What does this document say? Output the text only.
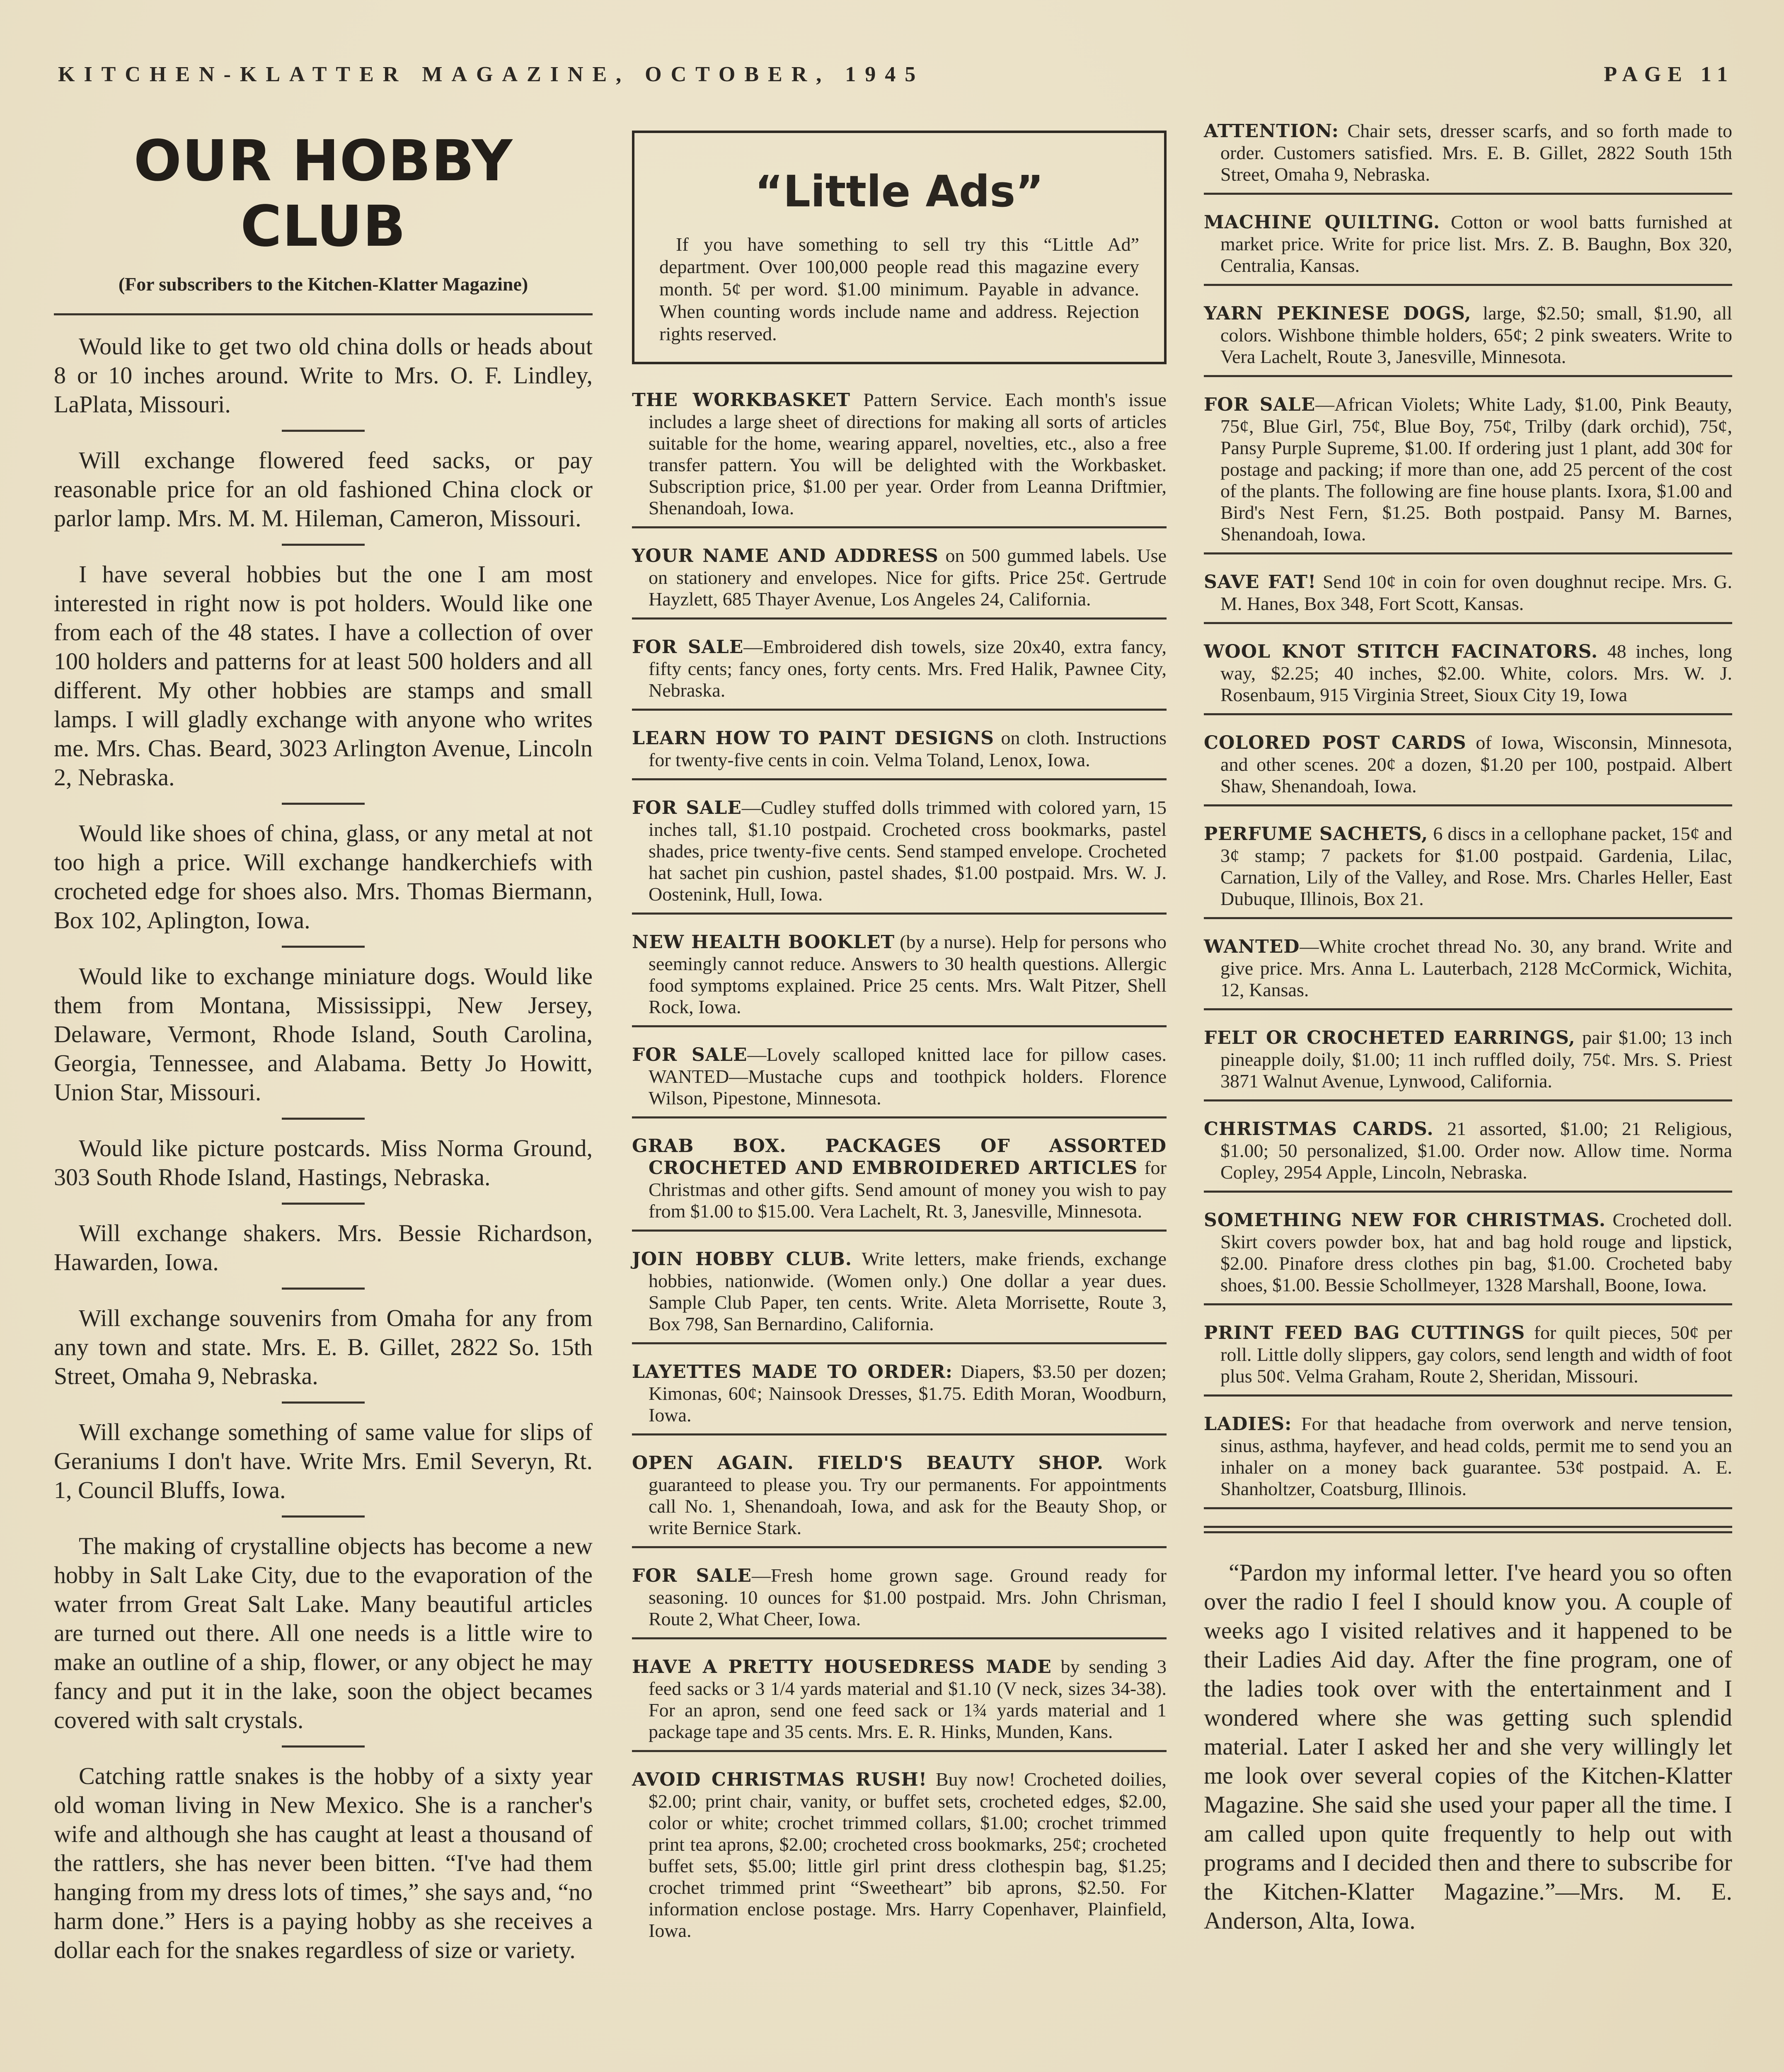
KITCHEN-KLATTER MAGAZINE, OCTOBER, 1945	PAGE 11
OUR HOBBY CLUB
(For subscribers to the Kitchen-Klatter Magazine)

Would like to get two old china dolls or heads about 8 or 10 inches around. Write to Mrs. O. F. Lindley, LaPlata, Missouri.

Will exchange flowered feed sacks, or pay reasonable price for an old fashioned China clock or parlor lamp. Mrs. M. M. Hileman, Cameron, Missouri.

I have several hobbies but the one I am most interested in right now is pot holders. Would like one from each of the 48 states. I have a collection of over 100 holders and patterns for at least 500 holders and all different. My other hobbies are stamps and small lamps. I will gladly exchange with anyone who writes me. Mrs. Chas. Beard, 3023 Arlington Avenue, Lincoln 2, Nebraska.

Would like shoes of china, glass, or any metal at not too high a price. Will exchange handkerchiefs with crocheted edge for shoes also. Mrs. Thomas Biermann, Box 102, Aplington, Iowa.

Would like to exchange miniature dogs. Would like them from Montana, Mississippi, New Jersey, Delaware, Vermont, Rhode Island, South Carolina, Georgia, Tennessee, and Alabama. Betty Jo Howitt, Union Star, Missouri.

Would like picture postcards. Miss Norma Ground, 303 South Rhode Island, Hastings, Nebraska.

Will exchange shakers. Mrs. Bessie Richardson, Hawarden, Iowa.

Will exchange souvenirs from Omaha for any from any town and state. Mrs. E. B. Gillet, 2822 So. 15th Street, Omaha 9, Nebraska.

Will exchange something of same value for slips of Geraniums I don't have. Write Mrs. Emil Severyn, Rt. 1, Council Bluffs, Iowa.

The making of crystalline objects has become a new hobby in Salt Lake City, due to the evaporation of the water frrom Great Salt Lake. Many beautiful articles are turned out there. All one needs is a little wire to make an outline of a ship, flower, or any object he may fancy and put it in the lake, soon the object becames covered with salt crystals.

Catching rattle snakes is the hobby of a sixty year old woman living in New Mexico. She is a rancher's wife and although she has caught at least a thousand of the rattlers, she has never been bitten. “I've had them hanging from my dress lots of times,” she says and, “no harm done.” Hers is a paying hobby as she receives a dollar each for the snakes regardless of size or variety.

“Little Ads”
If you have something to sell try this “Little Ad” department. Over 100,000 people read this magazine every month. 5¢ per word. $1.00 minimum. Payable in advance. When counting words include name and address. Rejection rights reserved.
THE WORKBASKET Pattern Service. Each month's issue includes a large sheet of directions for making all sorts of articles suitable for the home, wearing apparel, novelties, etc., also a free transfer pattern. You will be delighted with the Workbasket. Subscription price, $1.00 per year. Order from Leanna Driftmier, Shenandoah, Iowa.
YOUR NAME AND ADDRESS on 500 gummed labels. Use on stationery and envelopes. Nice for gifts. Price 25¢. Gertrude Hayzlett, 685 Thayer Avenue, Los Angeles 24, California.
FOR SALE—Embroidered dish towels, size 20x40, extra fancy, fifty cents; fancy ones, forty cents. Mrs. Fred Halik, Pawnee City, Nebraska.
LEARN HOW TO PAINT DESIGNS on cloth. Instructions for twenty-five cents in coin. Velma Toland, Lenox, Iowa.
FOR SALE—Cudley stuffed dolls trimmed with colored yarn, 15 inches tall, $1.10 postpaid. Crocheted cross bookmarks, pastel shades, price twenty-five cents. Send stamped envelope. Crocheted hat sachet pin cushion, pastel shades, $1.00 postpaid. Mrs. W. J. Oostenink, Hull, Iowa.
NEW HEALTH BOOKLET (by a nurse). Help for persons who seemingly cannot reduce. Answers to 30 health questions. Allergic food symptoms explained. Price 25 cents. Mrs. Walt Pitzer, Shell Rock, Iowa.
FOR SALE—Lovely scalloped knitted lace for pillow cases. WANTED—Mustache cups and toothpick holders. Florence Wilson, Pipestone, Minnesota.
GRAB BOX. PACKAGES OF ASSORTED CROCHETED AND EMBROIDERED ARTICLES for Christmas and other gifts. Send amount of money you wish to pay from $1.00 to $15.00. Vera Lachelt, Rt. 3, Janesville, Minnesota.
JOIN HOBBY CLUB. Write letters, make friends, exchange hobbies, nationwide. (Women only.) One dollar a year dues. Sample Club Paper, ten cents. Write. Aleta Morrisette, Route 3, Box 798, San Bernardino, California.
LAYETTES MADE TO ORDER: Diapers, $3.50 per dozen; Kimonas, 60¢; Nainsook Dresses, $1.75. Edith Moran, Woodburn, Iowa.
OPEN AGAIN. FIELD'S BEAUTY SHOP. Work guaranteed to please you. Try our permanents. For appointments call No. 1, Shenandoah, Iowa, and ask for the Beauty Shop, or write Bernice Stark.
FOR SALE—Fresh home grown sage. Ground ready for seasoning. 10 ounces for $1.00 postpaid. Mrs. John Chrisman, Route 2, What Cheer, Iowa.
HAVE A PRETTY HOUSEDRESS MADE by sending 3 feed sacks or 3 1/4 yards material and $1.10 (V neck, sizes 34-38). For an apron, send one feed sack or 1¾ yards material and 1 package tape and 35 cents. Mrs. E. R. Hinks, Munden, Kans.
AVOID CHRISTMAS RUSH! Buy now! Crocheted doilies, $2.00; print chair, vanity, or buffet sets, crocheted edges, $2.00, color or white; crochet trimmed collars, $1.00; crochet trimmed print tea aprons, $2.00; crocheted cross bookmarks, 25¢; crocheted buffet sets, $5.00; little girl print dress clothespin bag, $1.25; crochet trimmed print “Sweetheart” bib aprons, $2.50. For information enclose postage. Mrs. Harry Copenhaver, Plainfield, Iowa.
ATTENTION: Chair sets, dresser scarfs, and so forth made to order. Customers satisfied. Mrs. E. B. Gillet, 2822 South 15th Street, Omaha 9, Nebraska.
MACHINE QUILTING. Cotton or wool batts furnished at market price. Write for price list. Mrs. Z. B. Baughn, Box 320, Centralia, Kansas.
YARN PEKINESE DOGS, large, $2.50; small, $1.90, all colors. Wishbone thimble holders, 65¢; 2 pink sweaters. Write to Vera Lachelt, Route 3, Janesville, Minnesota.
FOR SALE—African Violets; White Lady, $1.00, Pink Beauty, 75¢, Blue Girl, 75¢, Blue Boy, 75¢, Trilby (dark orchid), 75¢, Pansy Purple Supreme, $1.00. If ordering just 1 plant, add 30¢ for postage and packing; if more than one, add 25 percent of the cost of the plants. The following are fine house plants. Ixora, $1.00 and Bird's Nest Fern, $1.25. Both postpaid. Pansy M. Barnes, Shenandoah, Iowa.
SAVE FAT! Send 10¢ in coin for oven doughnut recipe. Mrs. G. M. Hanes, Box 348, Fort Scott, Kansas.
WOOL KNOT STITCH FACINATORS. 48 inches, long way, $2.25; 40 inches, $2.00. White, colors. Mrs. W. J. Rosenbaum, 915 Virginia Street, Sioux City 19, Iowa
COLORED POST CARDS of Iowa, Wisconsin, Minnesota, and other scenes. 20¢ a dozen, $1.20 per 100, postpaid. Albert Shaw, Shenandoah, Iowa.
PERFUME SACHETS, 6 discs in a cellophane packet, 15¢ and 3¢ stamp; 7 packets for $1.00 postpaid. Gardenia, Lilac, Carnation, Lily of the Valley, and Rose. Mrs. Charles Heller, East Dubuque, Illinois, Box 21.
WANTED—White crochet thread No. 30, any brand. Write and give price. Mrs. Anna L. Lauterbach, 2128 McCormick, Wichita, 12, Kansas.
FELT OR CROCHETED EARRINGS, pair $1.00; 13 inch pineapple doily, $1.00; 11 inch ruffled doily, 75¢. Mrs. S. Priest 3871 Walnut Avenue, Lynwood, California.
CHRISTMAS CARDS. 21 assorted, $1.00; 21 Religious, $1.00; 50 personalized, $1.00. Order now. Allow time. Norma Copley, 2954 Apple, Lincoln, Nebraska.
SOMETHING NEW FOR CHRISTMAS. Crocheted doll. Skirt covers powder box, hat and bag hold rouge and lipstick, $2.00. Pinafore dress clothes pin bag, $1.00. Crocheted baby shoes, $1.00. Bessie Schollmeyer, 1328 Marshall, Boone, Iowa.
PRINT FEED BAG CUTTINGS for quilt pieces, 50¢ per roll. Little dolly slippers, gay colors, send length and width of foot plus 50¢. Velma Graham, Route 2, Sheridan, Missouri.
LADIES: For that headache from overwork and nerve tension, sinus, asthma, hayfever, and head colds, permit me to send you an inhaler on a money back guarantee. 53¢ postpaid. A. E. Shanholtzer, Coatsburg, Illinois.

“Pardon my informal letter. I've heard you so often over the radio I feel I should know you. A couple of weeks ago I visited relatives and it happened to be their Ladies Aid day. After the fine program, one of the ladies took over with the entertainment and I wondered where she was getting such splendid material. Later I asked her and she very willingly let me look over several copies of the Kitchen-Klatter Magazine. She said she used your paper all the time. I am called upon quite frequently to help out with programs and I decided then and there to subscribe for the Kitchen-Klatter Magazine.”—Mrs. M. E. Anderson, Alta, Iowa.
